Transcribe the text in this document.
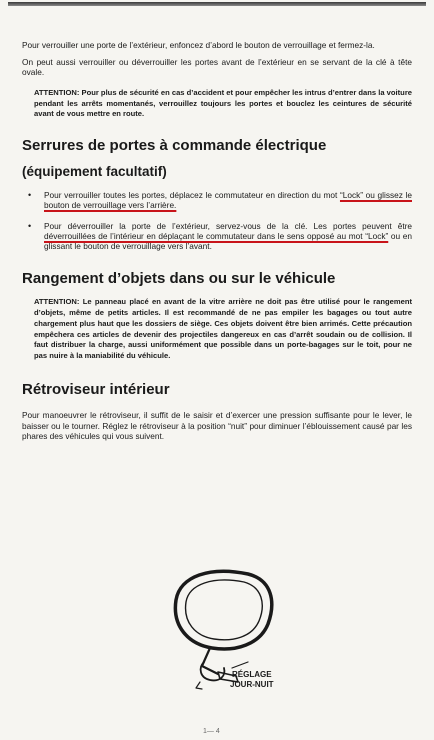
Pour verrouiller une porte de l’extérieur, enfoncez d’abord le bouton de verrouillage et fermez-la.

On peut aussi verrouiller ou déverrouiller les portes avant de l’extérieur en se servant de la clé à tête ovale.

ATTENTION: Pour plus de sécurité en cas d’accident et pour empêcher les intrus d’entrer dans la voiture pendant les arrêts momentanés, verrouillez toujours les portes et bouclez les ceintures de sécurité avant de vous mettre en route.

Serrures de portes à commande électrique
(équipement facultatif)
• Pour verrouiller toutes les portes, déplacez le commutateur en direction du mot “Lock” ou glissez le bouton de verrouillage vers l’arrière.
• Pour déverrouiller la porte de l’extérieur, servez-vous de la clé. Les portes peuvent être déverrouillées de l’intérieur en déplaçant le commutateur dans le sens opposé au mot “Lock” ou en glissant le bouton de verrouillage vers l’avant.
Rangement d’objets dans ou sur le véhicule

ATTENTION: Le panneau placé en avant de la vitre arrière ne doit pas être utilisé pour le rangement d’objets, même de petits articles. Il est recommandé de ne pas empiler les bagages ou tout autre chargement plus haut que les dossiers de siège. Ces objets doivent être bien arrimés. Cette précaution empêchera ces articles de devenir des projectiles dangereux en cas d’arrêt soudain ou de collision. Il faut distribuer la charge, aussi uniformément que possible dans un porte-bagages sur le toit, pour ne pas nuire à la maniabilité du véhicule.

Rétroviseur intérieur

Pour manoeuvrer le rétroviseur, il suffit de le saisir et d’exercer une pression suffisante pour le lever, le baisser ou le tourner. Réglez le rétroviseur à la position “nuit” pour diminuer l’éblouissement causé par les phares des véhicules qui vous suivent.

RÉGLAGE
JOUR-NUIT
1— 4
